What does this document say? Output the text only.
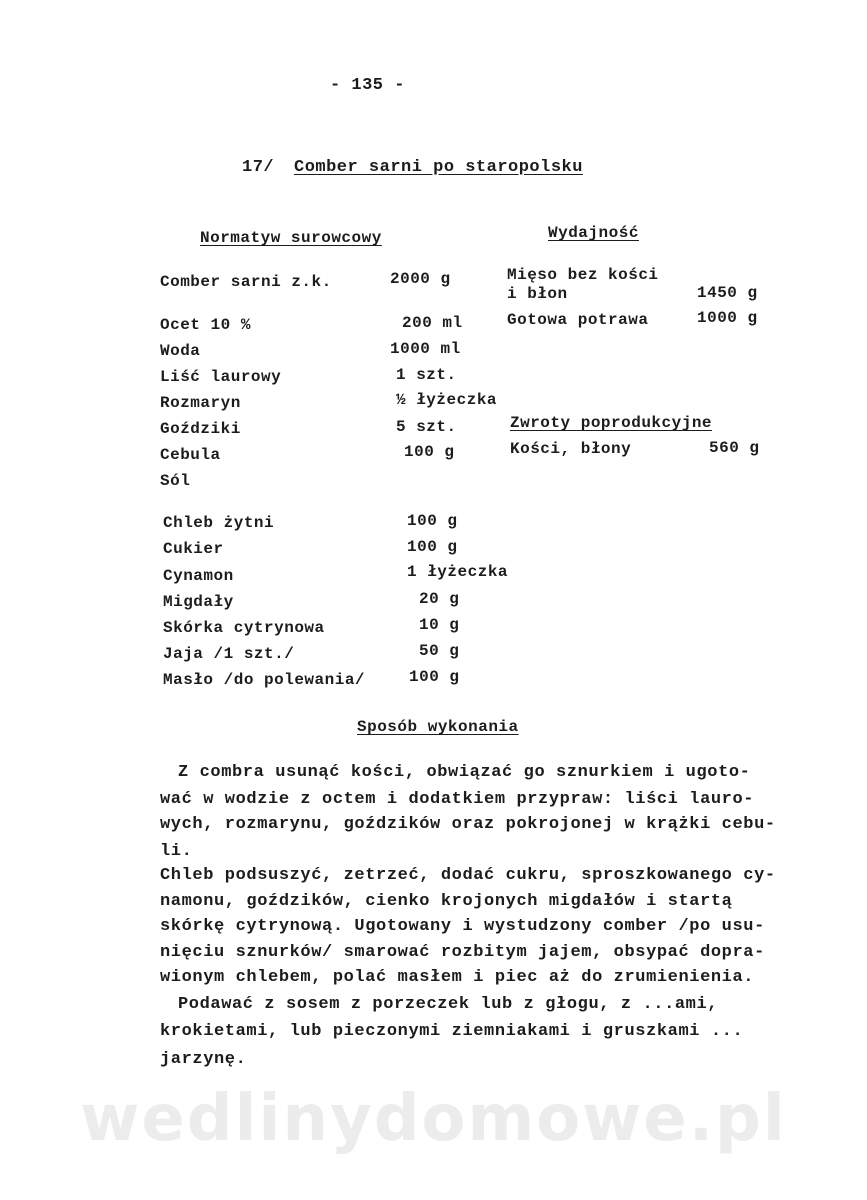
- 135 -
17/ Comber sarni po staropolsku
Normatyw surowcowy	Wydajność
Comber sarni z.k.	2000 g
Ocet 10 %	200 ml
Woda	1000 ml
Liść laurowy	1 szt.
Rozmaryn	½ łyżeczka
Goździki	5 szt.
Cebula	100 g
Sól
Chleb żytni	100 g
Cukier	100 g
Cynamon	1 łyżeczka
Migdały	20 g
Skórka cytrynowa	10 g
Jaja /1 szt./	50 g
Masło /do polewania/	100 g
Mięso bez kości
i błon	1450 g
Gotowa potrawa	1000 g
Zwroty poprodukcyjne
Kości, błony	560 g
Sposób wykonania
Z combra usunąć kości, obwiązać go sznurkiem i ugoto-
wać w wodzie z octem i dodatkiem przypraw: liści lauro-
wych, rozmarynu, goździków oraz pokrojonej w krążki cebu-
li.
Chleb podsuszyć, zetrzeć, dodać cukru, sproszkowanego cy-
namonu, goździków, cienko krojonych migdałów i startą
skórkę cytrynową. Ugotowany i wystudzony comber /po usu-
nięciu sznurków/ smarować rozbitym jajem, obsypać dopra-
wionym chlebem, polać masłem i piec aż do zrumienienia.
Podawać z sosem z porzeczek lub z głogu, z ...ami,
krokietami, lub pieczonymi ziemniakami i gruszkami ...
jarzynę.
wedlinydomowe.pl
